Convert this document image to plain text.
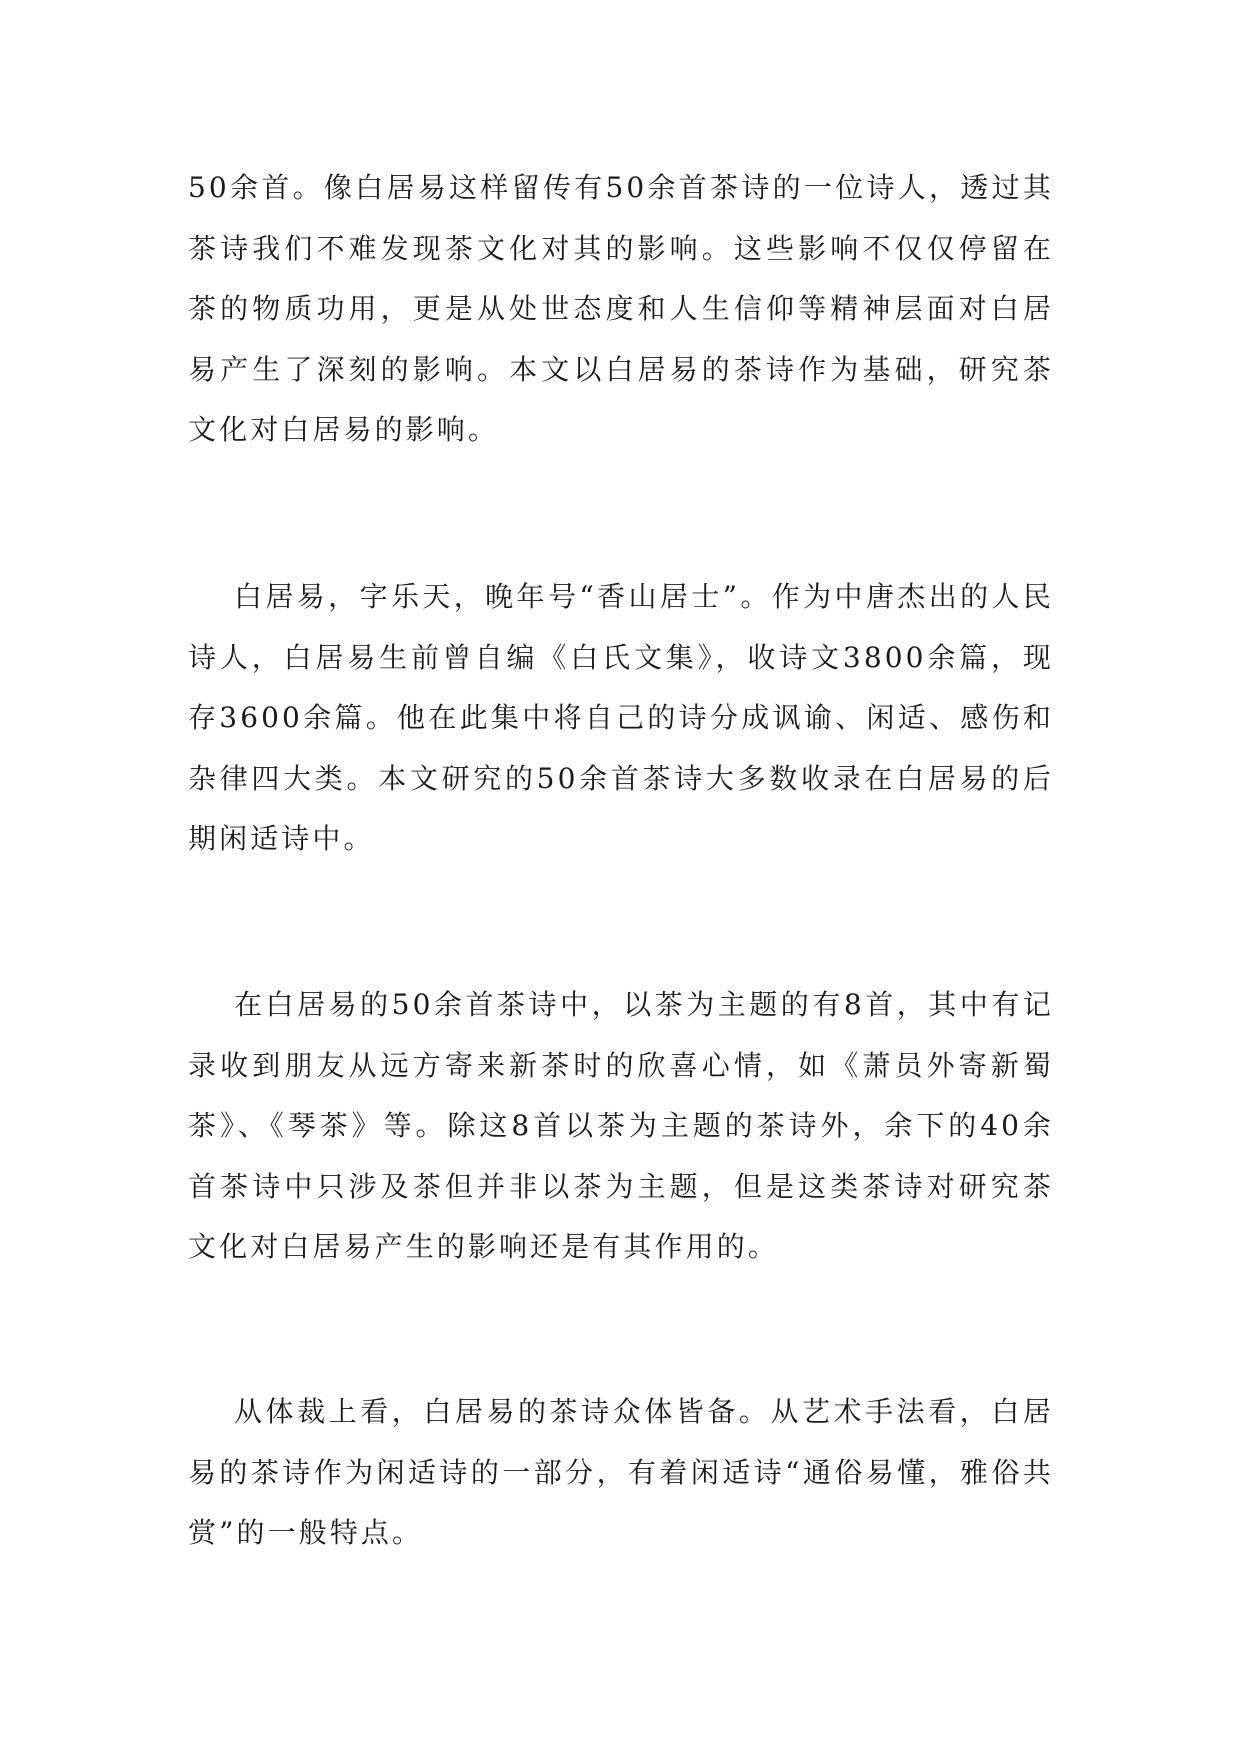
50余首。像白居易这样留传有50余首茶诗的一位诗人，透过其茶诗我们不难发现茶文化对其的影响。这些影响不仅仅停留在茶的物质功用，更是从处世态度和人生信仰等精神层面对白居易产生了深刻的影响。本文以白居易的茶诗作为基础，研究茶文化对白居易的影响。

白居易，字乐天，晚年号“香山居士”。作为中唐杰出的人民诗人，白居易生前曾自编《白氏文集》，收诗文3800余篇，现存3600余篇。他在此集中将自己的诗分成讽谕、闲适、感伤和杂律四大类。本文研究的50余首茶诗大多数收录在白居易的后期闲适诗中。

在白居易的50余首茶诗中，以茶为主题的有8首，其中有记录收到朋友从远方寄来新茶时的欣喜心情，如《萧员外寄新蜀茶》、《琴茶》等。除这8首以茶为主题的茶诗外，余下的40余首茶诗中只涉及茶但并非以茶为主题，但是这类茶诗对研究茶文化对白居易产生的影响还是有其作用的。

从体裁上看，白居易的茶诗众体皆备。从艺术手法看，白居易的茶诗作为闲适诗的一部分，有着闲适诗“通俗易懂，雅俗共赏”的一般特点。
